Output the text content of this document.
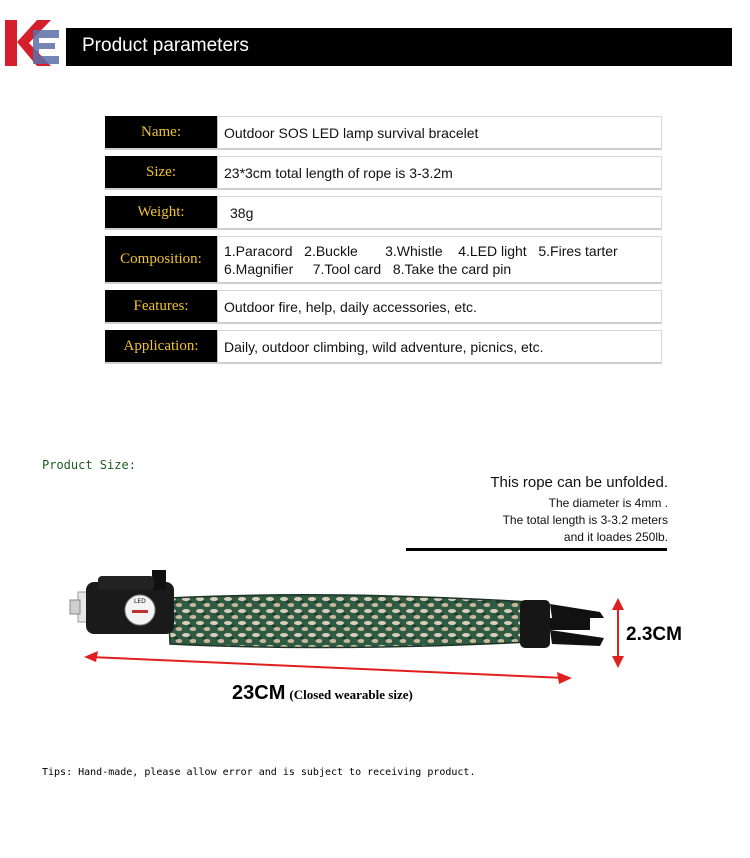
Product parameters
Name:	Outdoor SOS LED lamp survival bracelet
Size:	23*3cm total length of rope is 3-3.2m
Weight:	38g
Composition:	1.Paracord   2.Buckle       3.Whistle    4.LED light   5.Fires tarter
6.Magnifier     7.Tool card   8.Take the card pin
Features:	Outdoor fire, help, daily accessories, etc.
Application:	Daily, outdoor climbing, wild adventure, picnics, etc.
Product Size:
This rope can be unfolded.
The diameter is 4mm .
The total length is 3-3.2 meters
and it loades 250lb.
LED
23CM (Closed wearable size)
2.3CM
Tips: Hand-made, please allow error and is subject to receiving product.
